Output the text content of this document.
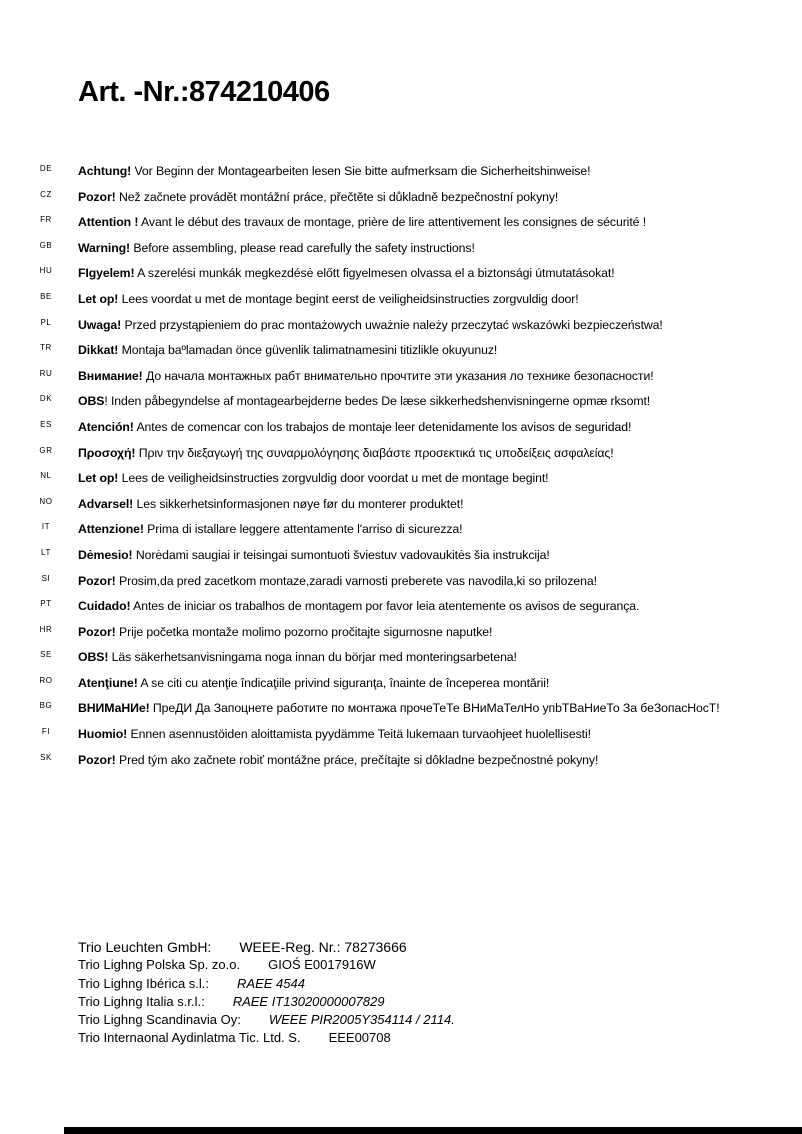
Art. -Nr.:874210406
DE	Achtung! Vor Beginn der Montagearbeiten lesen Sie bitte aufmerksam die Sicherheitshinweise!
CZ	Pozor! Než začnete provádět montážní práce, přečtěte si důkladně bezpečnostní pokyny!
FR	Attention ! Avant le début des travaux de montage, prière de lire attentivement les consignes de sécurité !
GB	Warning! Before assembling, please read carefully the safety instructions!
HU	FIgyelem! A szerelési munkák megkezdésė előtt figyelmesen olvassa el a biztonsági útmutatásokat!
BE	Let op! Lees voordat u met de montage begint eerst de veiligheidsinstructies zorgvuldig door!
PL	Uwaga! Przed przystąpieniem do prac montażowych uważnie należy przeczytać wskazówki bezpieczeństwa!
TR	Dikkat! Montaja baºlamadan önce güvenlik talimatnamesini titizlikle okuyunuz!
RU	Внимание! До начала монтажных рабт внимательно прочтите эти указания ло технике безопасности!
DK	OBS! Inden påbegyndelse af montagearbejderne bedes De læse sikkerhedshenvisningerne opmæ rksomt!
ES	Atención! Antes de comencar con los trabajos de montaje leer detenidamente los avisos de seguridad!
GR	Προσοχή! Πριν την διεξαγωγή της συναρμολόγησης διαβάστε προσεκτικά τις υποδείξεις ασφαλείας!
NL	Let op! Lees de veiligheidsinstructies zorgvuldig door voordat u met de montage begint!
NO	Advarsel! Les sikkerhetsinformasjonen nøye før du monterer produktet!
IT	Attenzione! Prima di istallare leggere attentamente l'arriso di sicurezza!
LT	Dėmesio! Norėdami saugiai ir teisingai sumontuoti šviestuv vadovaukitės šia instrukcija!
SI	Pozor! Prosim,da pred zacetkom montaze,zaradi varnosti preberete vas navodila,ki so prilozena!
PT	Cuidado! Antes de iniciar os trabalhos de montagem por favor leia atentemente os avisos de segurança.
HR	Pozor! Prije početka montaže molimo pozorno pročitajte sigurnosne naputke!
SE	OBS! Läs säkerhetsanvisningama noga innan du börjar med monteringsarbetena!
RO	Atenţiune! A se citi cu atenţie îndicaţiile privind siguranţa, înainte de începerea montării!
BG	ВНИМаНИе! ПреДИ Да Запоцнете работите по монтажа прочеТеТе ВНиМаТелНо упbТВаНиеТо За беЗопасНосТ!
FI	Huomio! Ennen asennustöiden aloittamista pyydämme Teitä lukemaan turvaohjeet huolellisesti!
SK	Pozor! Pred tým ako začnete robiť montážne práce, prečítajte si dôkladne bezpečnostné pokyny!
Trio Leuchten GmbH: WEEE-Reg. Nr.: 78273666
Trio Lighng Polska Sp. zo.o. GIOŚ E0017916W
Trio Lighng Ibérica s.l.: RAEE 4544
Trio Lighng Italia s.r.l.: RAEE IT13020000007829
Trio Lighng Scandinavia Oy: WEEE PIR2005Y354114 / 2114.
Trio Internaonal Aydinlatma Tic. Ltd. S. EEE00708
